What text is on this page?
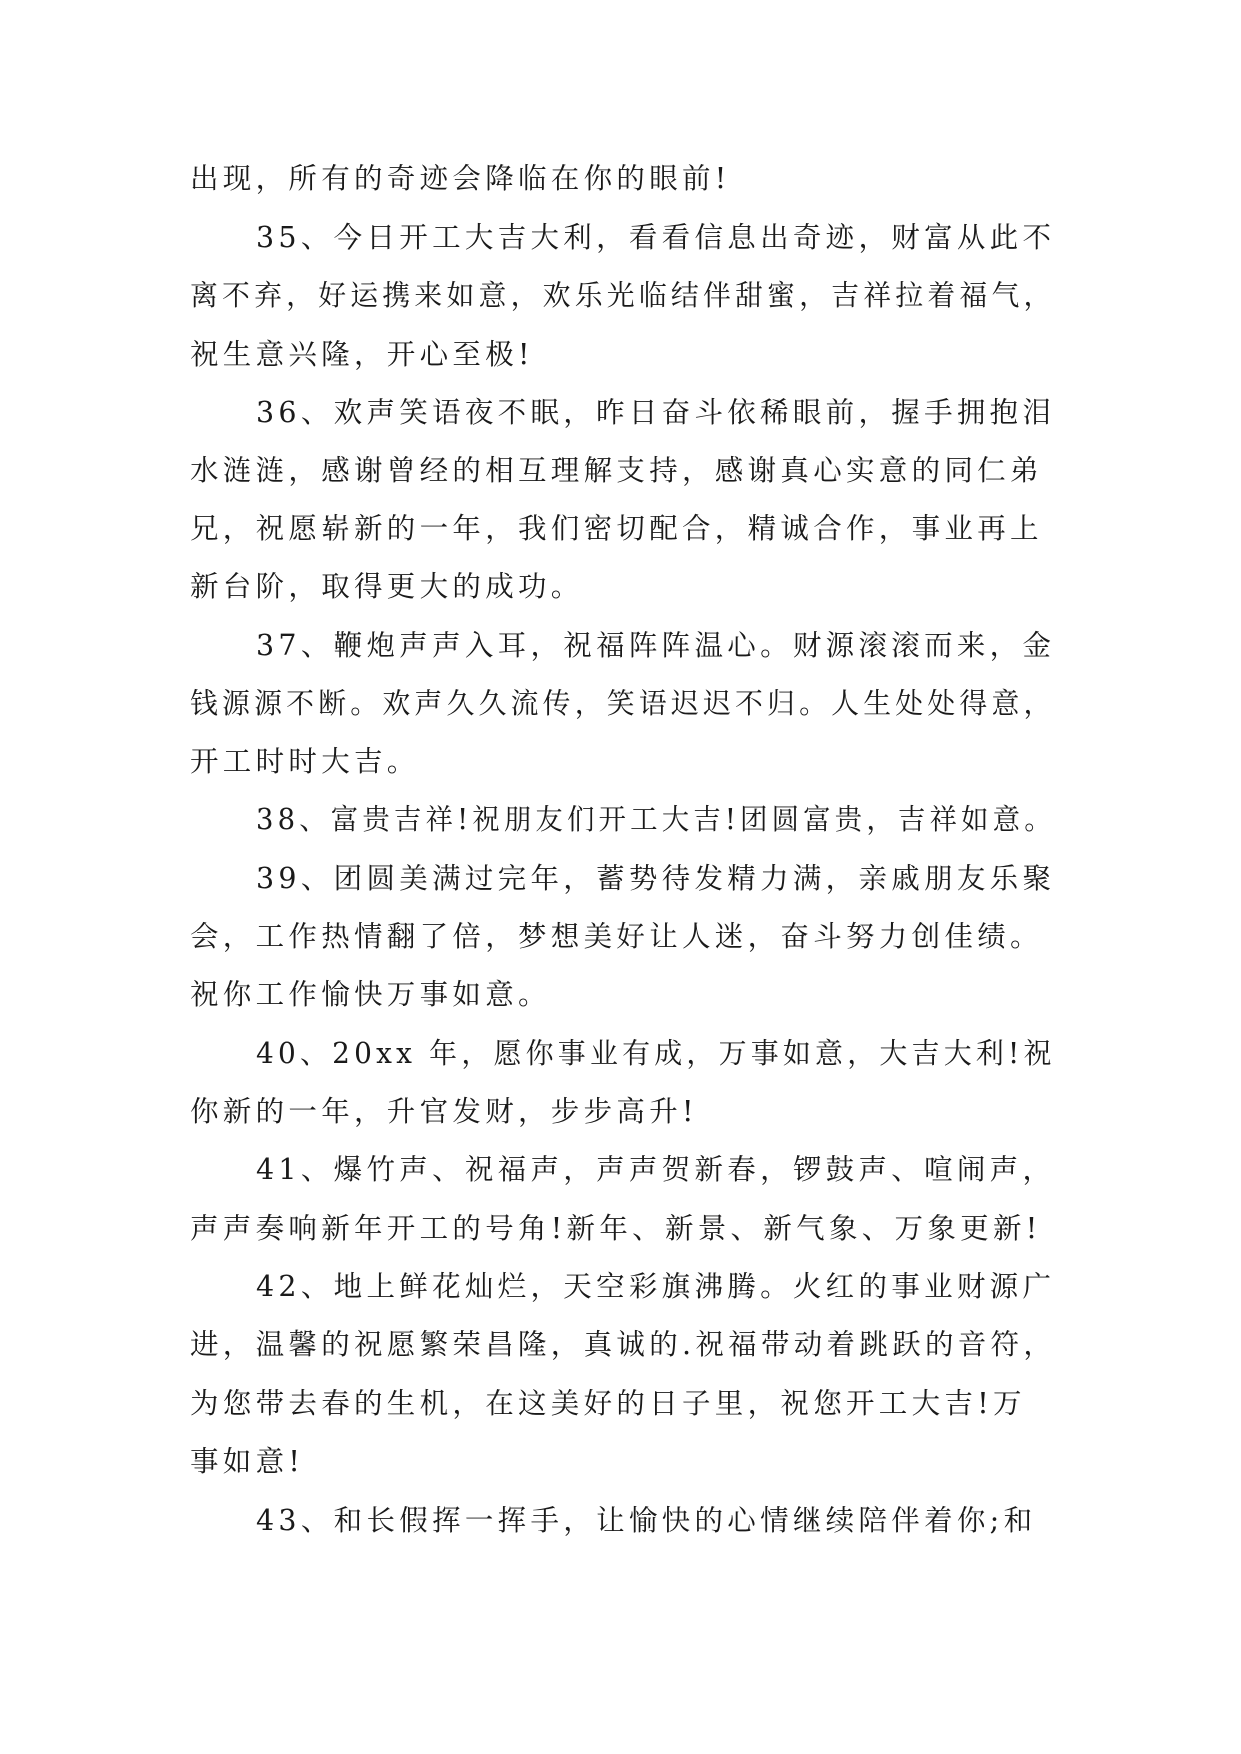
出现，所有的奇迹会降临在你的眼前!
35、今日开工大吉大利，看看信息出奇迹，财富从此不
离不弃，好运携来如意，欢乐光临结伴甜蜜，吉祥拉着福气，
祝生意兴隆，开心至极!
36、欢声笑语夜不眠，昨日奋斗依稀眼前，握手拥抱泪
水涟涟，感谢曾经的相互理解支持，感谢真心实意的同仁弟
兄，祝愿崭新的一年，我们密切配合，精诚合作，事业再上
新台阶，取得更大的成功。
37、鞭炮声声入耳，祝福阵阵温心。财源滚滚而来，金
钱源源不断。欢声久久流传，笑语迟迟不归。人生处处得意，
开工时时大吉。
38、富贵吉祥!祝朋友们开工大吉!团圆富贵，吉祥如意。
39、团圆美满过完年，蓄势待发精力满，亲戚朋友乐聚
会，工作热情翻了倍，梦想美好让人迷，奋斗努力创佳绩。
祝你工作愉快万事如意。
40、20xx 年，愿你事业有成，万事如意，大吉大利!祝
你新的一年，升官发财，步步高升!
41、爆竹声、祝福声，声声贺新春，锣鼓声、喧闹声，
声声奏响新年开工的号角!新年、新景、新气象、万象更新!
42、地上鲜花灿烂，天空彩旗沸腾。火红的事业财源广
进，温馨的祝愿繁荣昌隆，真诚的.祝福带动着跳跃的音符，
为您带去春的生机，在这美好的日子里，祝您开工大吉!万
事如意!
43、和长假挥一挥手，让愉快的心情继续陪伴着你;和
